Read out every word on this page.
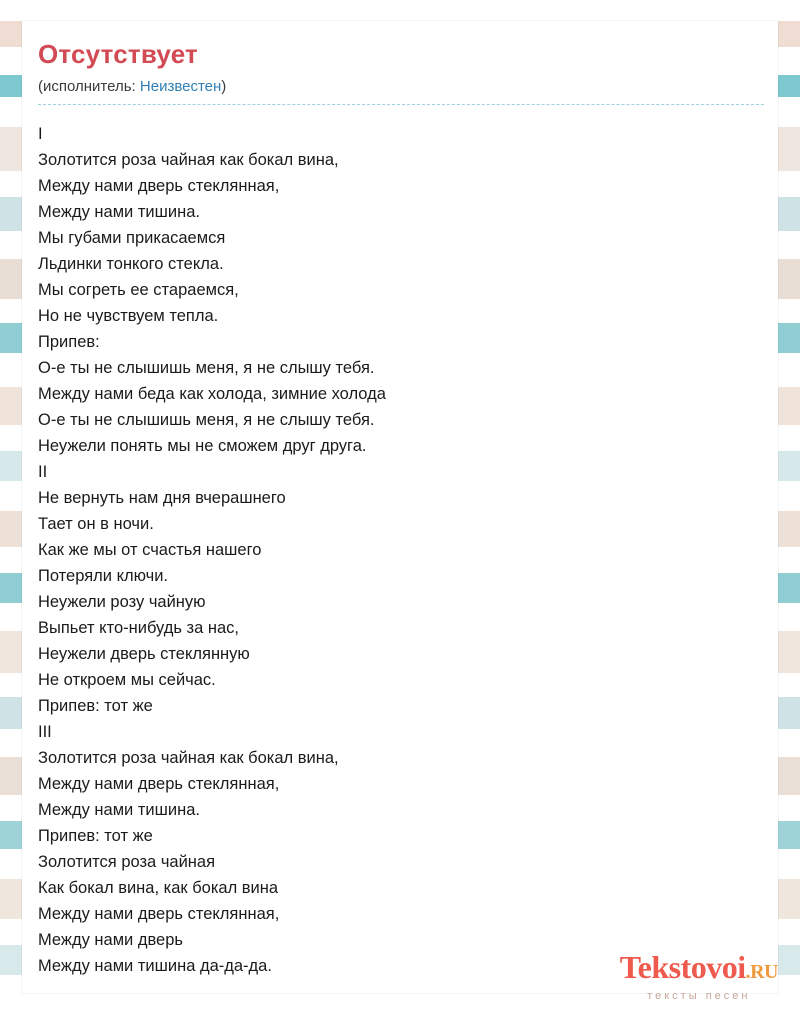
Отсутствует
(исполнитель: Неизвестен)
I
Золотится роза чайная как бокал вина,
Между нами дверь стеклянная,
Между нами тишина.
Мы губами прикасаемся
Льдинки тонкого стекла.
Мы согреть ее стараемся,
Но не чувствуем тепла.
Припев:
О-е ты не слышишь меня, я не слышу тебя.
Между нами беда как холода, зимние холода
О-е ты не слышишь меня, я не слышу тебя.
Неужели понять мы не сможем друг друга.
II
Не вернуть нам дня вчерашнего
Тает он в ночи.
Как же мы от счастья нашего
Потеряли ключи.
Неужели розу чайную
Выпьет кто-нибудь за нас,
Неужели дверь стеклянную
Не откроем мы сейчас.
Припев: тот же
III
Золотится роза чайная как бокал вина,
Между нами дверь стеклянная,
Между нами тишина.
Припев: тот же
Золотится роза чайная
Как бокал вина, как бокал вина
Между нами дверь стеклянная,
Между нами дверь
Между нами тишина да-да-да.	Tekstovoi.RU
тексты песен
